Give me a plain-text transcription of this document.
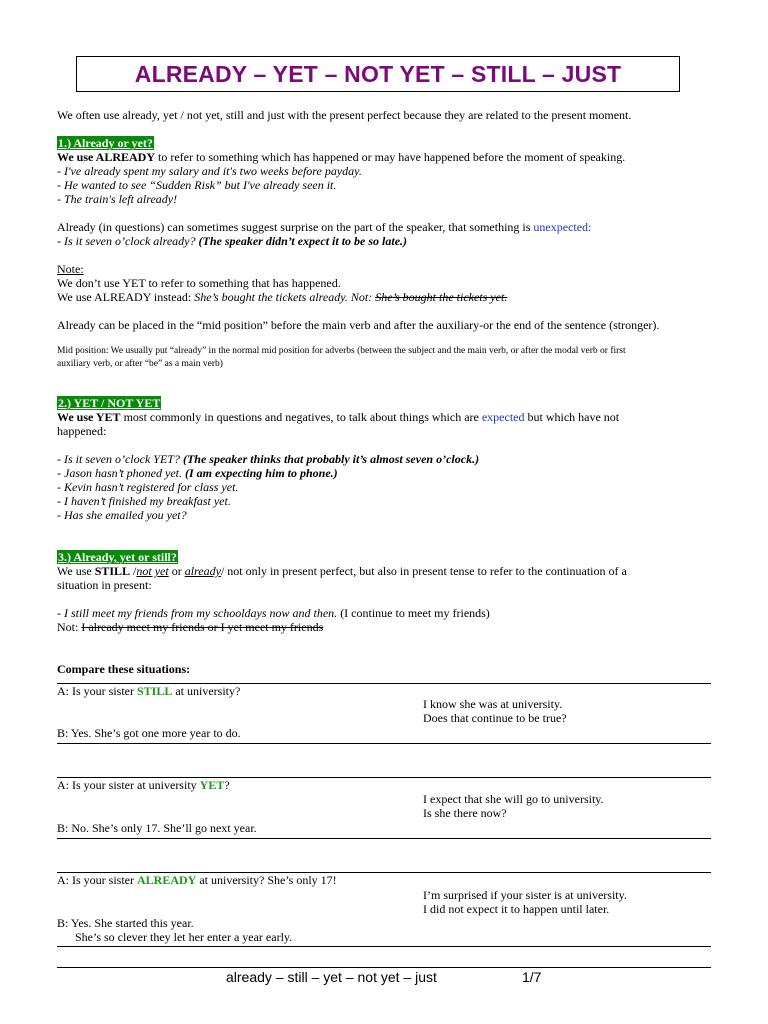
ALREADY – YET – NOT YET – STILL – JUST
We often use already, yet / not yet, still and just with the present perfect because they are related to the present moment.
1.) Already or yet?
We use ALREADY to refer to something which has happened or may have happened before the moment of speaking.
- I've already spent my salary and it's two weeks before payday.
- He wanted to see “Sudden Risk” but I've already seen it.
- The train's left already!
Already (in questions) can sometimes suggest surprise on the part of the speaker, that something is unexpected:
- Is it seven o’clock already? (The speaker didn’t expect it to be so late.)
Note:
We don’t use YET to refer to something that has happened.
We use ALREADY instead: She’s bought the tickets already. Not: She’s bought the tickets yet.
Already can be placed in the “mid position” before the main verb and after the auxiliary-or the end of the sentence (stronger).
Mid position: We usually put “already” in the normal mid position for adverbs (between the subject and the main verb, or after the modal verb or first
auxiliary verb, or after “be” as a main verb)
2.) YET / NOT YET
We use YET most commonly in questions and negatives, to talk about things which are expected but which have not
happened:
- Is it seven o’clock YET? (The speaker thinks that probably it’s almost seven o’clock.)
- Jason hasn’t phoned yet. (I am expecting him to phone.)
- Kevin hasn’t registered for class yet.
- I haven’t finished my breakfast yet.
- Has she emailed you yet?
3.) Already, yet or still?
We use STILL /not yet or already/ not only in present perfect, but also in present tense to refer to the continuation of a
situation in present:
- I still meet my friends from my schooldays now and then. (I continue to meet my friends)
Not: I already meet my friends or I yet meet my friends
Compare these situations:
A: Is your sister STILL at university?
I know she was at university.
Does that continue to be true?
B: Yes. She’s got one more year to do.
A: Is your sister at university YET?
I expect that she will go to university.
Is she there now?
B: No. She’s only 17. She’ll go next year.
A: Is your sister ALREADY at university? She’s only 17!
I’m surprised if your sister is at university.
I did not expect it to happen until later.
B: Yes. She started this year.
She’s so clever they let her enter a year early.
already – still – yet – not yet – just	1/7
